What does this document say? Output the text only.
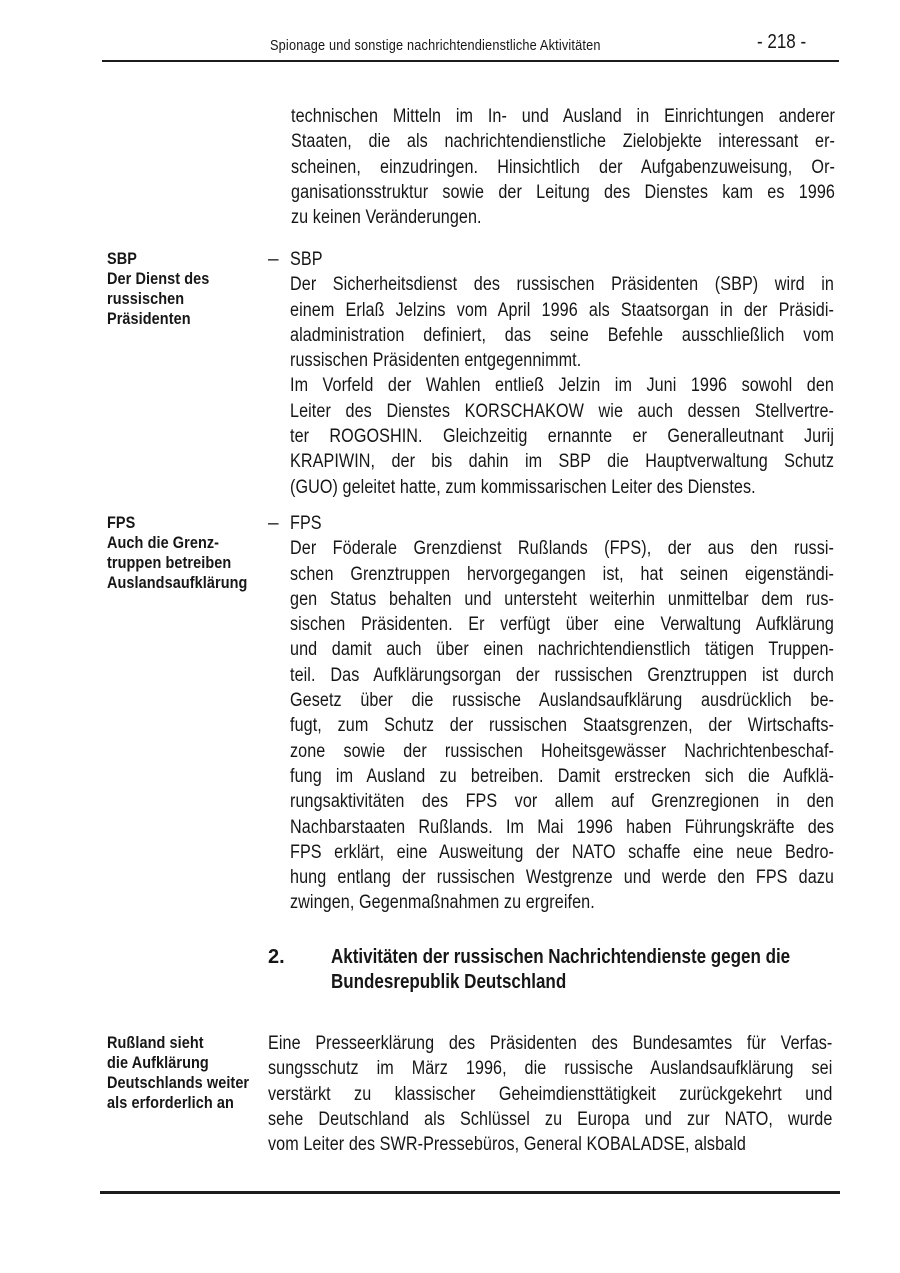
Spionage und sonstige nachrichtendienstliche Aktivitäten	- 218 -
SBP
Der Dienst des
russischen
Präsidenten
FPS
Auch die Grenz-
truppen betreiben
Auslandsaufklärung
Rußland sieht
die Aufklärung
Deutschlands weiter
als erforderlich an
technischen Mitteln im In- und Ausland in Einrichtungen anderer
Staaten, die als nachrichtendienstliche Zielobjekte interessant er-
scheinen, einzudringen. Hinsichtlich der Aufgabenzuweisung, Or-
ganisationsstruktur sowie der Leitung des Dienstes kam es 1996
zu keinen Veränderungen.
– SBP
Der Sicherheitsdienst des russischen Präsidenten (SBP) wird in
einem Erlaß Jelzins vom April 1996 als Staatsorgan in der Präsidi-
aladministration definiert, das seine Befehle ausschließlich vom
russischen Präsidenten entgegennimmt.
Im Vorfeld der Wahlen entließ Jelzin im Juni 1996 sowohl den
Leiter des Dienstes KORSCHAKOW wie auch dessen Stellvertre-
ter ROGOSHIN. Gleichzeitig ernannte er Generalleutnant Jurij
KRAPIWIN, der bis dahin im SBP die Hauptverwaltung Schutz
(GUO) geleitet hatte, zum kommissarischen Leiter des Dienstes.
– FPS
Der Föderale Grenzdienst Rußlands (FPS), der aus den russi-
schen Grenztruppen hervorgegangen ist, hat seinen eigenständi-
gen Status behalten und untersteht weiterhin unmittelbar dem rus-
sischen Präsidenten. Er verfügt über eine Verwaltung Aufklärung
und damit auch über einen nachrichtendienstlich tätigen Truppen-
teil. Das Aufklärungsorgan der russischen Grenztruppen ist durch
Gesetz über die russische Auslandsaufklärung ausdrücklich be-
fugt, zum Schutz der russischen Staatsgrenzen, der Wirtschafts-
zone sowie der russischen Hoheitsgewässer Nachrichtenbeschaf-
fung im Ausland zu betreiben. Damit erstrecken sich die Aufklä-
rungsaktivitäten des FPS vor allem auf Grenzregionen in den
Nachbarstaaten Rußlands. Im Mai 1996 haben Führungskräfte des
FPS erklärt, eine Ausweitung der NATO schaffe eine neue Bedro-
hung entlang der russischen Westgrenze und werde den FPS dazu
zwingen, Gegenmaßnahmen zu ergreifen.
2. Aktivitäten der russischen Nachrichtendienste gegen die
Bundesrepublik Deutschland
Eine Presseerklärung des Präsidenten des Bundesamtes für Verfas-
sungsschutz im März 1996, die russische Auslandsaufklärung sei
verstärkt zu klassischer Geheimdiensttätigkeit zurückgekehrt und
sehe Deutschland als Schlüssel zu Europa und zur NATO, wurde
vom Leiter des SWR-Pressebüros, General KOBALADSE, alsbald
